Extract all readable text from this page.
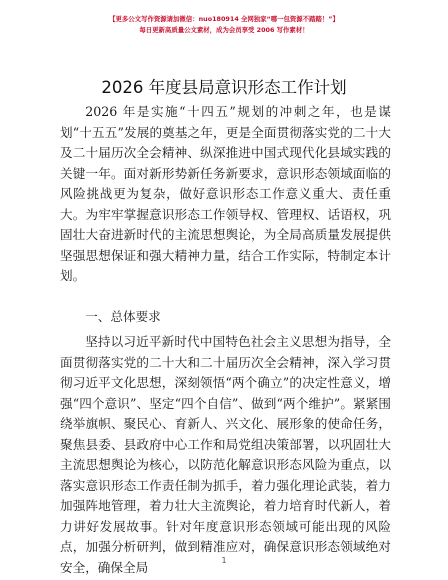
【更多公文写作资源请加微信：nuo180914 全网独家“哪一包资源不踏踏！”】
每日更新高质量公文素材，成为会员享受 2006 写作素材！
2026 年度县局意识形态工作计划

2026 年是实施“十四五”规划的冲刺之年，也是谋划“十五五”发展的奠基之年，更是全面贯彻落实党的二十大及二十届历次全会精神、纵深推进中国式现代化县域实践的关键一年。面对新形势新任务新要求，意识形态领域面临的风险挑战更为复杂，做好意识形态工作意义重大、责任重大。为牢牢掌握意识形态工作领导权、管理权、话语权，巩固壮大奋进新时代的主流思想舆论，为全局高质量发展提供坚强思想保证和强大精神力量，结合工作实际，特制定本计划。

一、总体要求

坚持以习近平新时代中国特色社会主义思想为指导，全面贯彻落实党的二十大和二十届历次全会精神，深入学习贯彻习近平文化思想，深刻领悟“两个确立”的决定性意义，增强“四个意识”、坚定“四个自信”、做到“两个维护”。紧紧围绕举旗帜、聚民心、育新人、兴文化、展形象的使命任务，聚焦县委、县政府中心工作和局党组决策部署，以巩固壮大主流思想舆论为核心，以防范化解意识形态风险为重点，以落实意识形态工作责任制为抓手，着力强化理论武装，着力加强阵地管理，着力壮大主流舆论，着力培育时代新人，着力讲好发展故事。针对年度意识形态领域可能出现的风险点，加强分析研判，做到精准应对，确保意识形态领域绝对安全，确保全局	1
